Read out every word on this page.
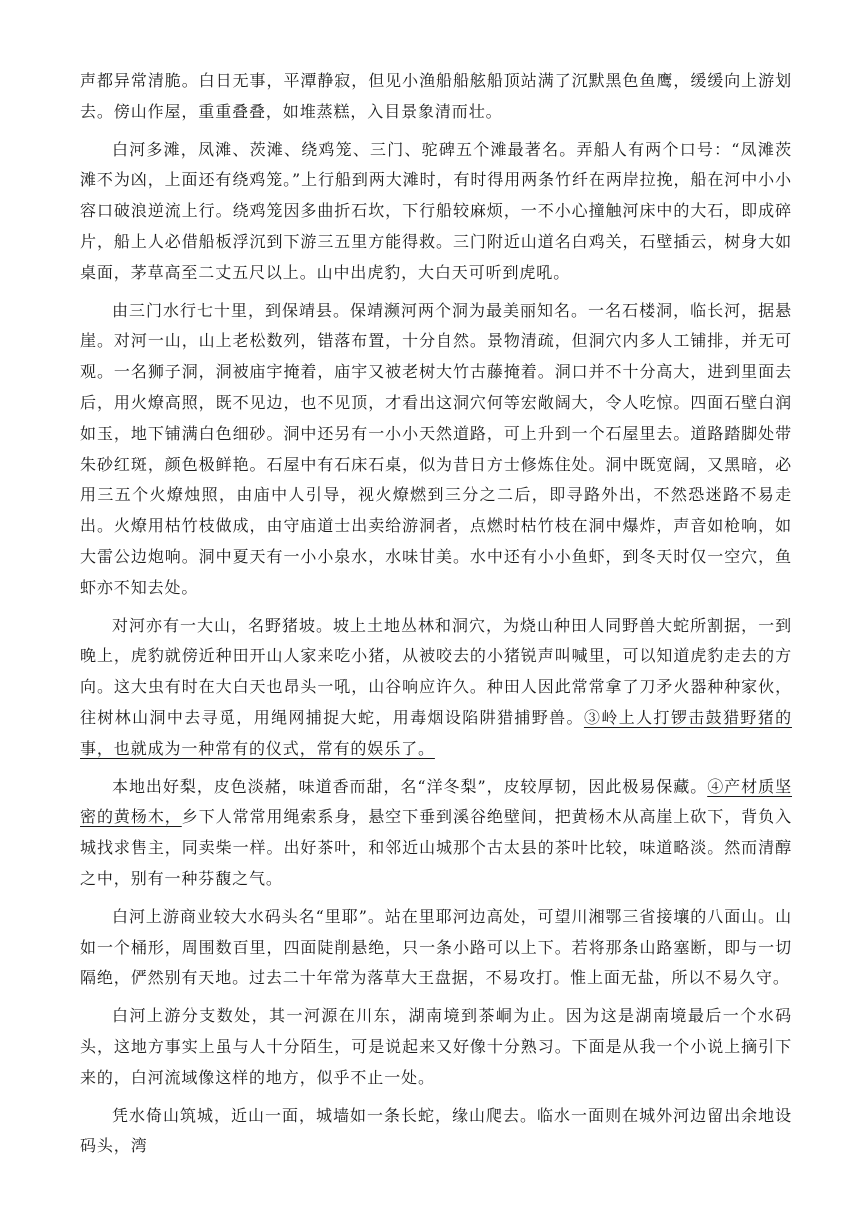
声都异常清脆。白日无事，平潭静寂，但见小渔船船舷船顶站满了沉默黑色鱼鹰，缓缓向上游划去。傍山作屋，重重叠叠，如堆蒸糕，入目景象清而壮。

白河多滩，凤滩、茨滩、绕鸡笼、三门、驼碑五个滩最著名。弄船人有两个口号：“凤滩茨滩不为凶，上面还有绕鸡笼。”上行船到两大滩时，有时得用两条竹纤在两岸拉挽，船在河中小小容口破浪逆流上行。绕鸡笼因多曲折石坎，下行船较麻烦，一不小心撞触河床中的大石，即成碎片，船上人必借船板浮沉到下游三五里方能得救。三门附近山道名白鸡关，石壁插云，树身大如桌面，茅草高至二丈五尺以上。山中出虎豹，大白天可听到虎吼。

由三门水行七十里，到保靖县。保靖濒河两个洞为最美丽知名。一名石楼洞，临长河，据悬崖。对河一山，山上老松数列，错落布置，十分自然。景物清疏，但洞穴内多人工铺排，并无可观。一名狮子洞，洞被庙宇掩着，庙宇又被老树大竹古藤掩着。洞口并不十分高大，进到里面去后，用火燎高照，既不见边，也不见顶，才看出这洞穴何等宏敞阔大，令人吃惊。四面石壁白润如玉，地下铺满白色细砂。洞中还另有一小小天然道路，可上升到一个石屋里去。道路踏脚处带朱砂红斑，颜色极鲜艳。石屋中有石床石桌，似为昔日方士修炼住处。洞中既宽阔，又黑暗，必用三五个火燎烛照，由庙中人引导，视火燎燃到三分之二后，即寻路外出，不然恐迷路不易走出。火燎用枯竹枝做成，由守庙道士出卖给游洞者，点燃时枯竹枝在洞中爆炸，声音如枪响，如大雷公边炮响。洞中夏天有一小小泉水，水味甘美。水中还有小小鱼虾，到冬天时仅一空穴，鱼虾亦不知去处。

对河亦有一大山，名野猪坡。坡上土地丛林和洞穴，为烧山种田人同野兽大蛇所割据，一到晚上，虎豹就傍近种田开山人家来吃小猪，从被咬去的小猪锐声叫喊里，可以知道虎豹走去的方向。这大虫有时在大白天也昂头一吼，山谷响应许久。种田人因此常常拿了刀矛火器种种家伙，往树林山洞中去寻觅，用绳网捕捉大蛇，用毒烟设陷阱猎捕野兽。③岭上人打锣击鼓猎野猪的事，也就成为一种常有的仪式，常有的娱乐了。

本地出好梨，皮色淡赭，味道香而甜，名“洋冬梨”，皮较厚韧，因此极易保藏。④产材质坚密的黄杨木，乡下人常常用绳索系身，悬空下垂到溪谷绝壁间，把黄杨木从高崖上砍下，背负入城找求售主，同卖柴一样。出好茶叶，和邻近山城那个古太县的茶叶比较，味道略淡。然而清醇之中，别有一种芬馥之气。

白河上游商业较大水码头名“里耶”。站在里耶河边高处，可望川湘鄂三省接壤的八面山。山如一个桶形，周围数百里，四面陡削悬绝，只一条小路可以上下。若将那条山路塞断，即与一切隔绝，俨然别有天地。过去二十年常为落草大王盘据，不易攻打。惟上面无盐，所以不易久守。

白河上游分支数处，其一河源在川东，湖南境到茶峒为止。因为这是湖南境最后一个水码头，这地方事实上虽与人十分陌生，可是说起来又好像十分熟习。下面是从我一个小说上摘引下来的，白河流域像这样的地方，似乎不止一处。

凭水倚山筑城，近山一面，城墙如一条长蛇，缘山爬去。临水一面则在城外河边留出余地设码头，湾
